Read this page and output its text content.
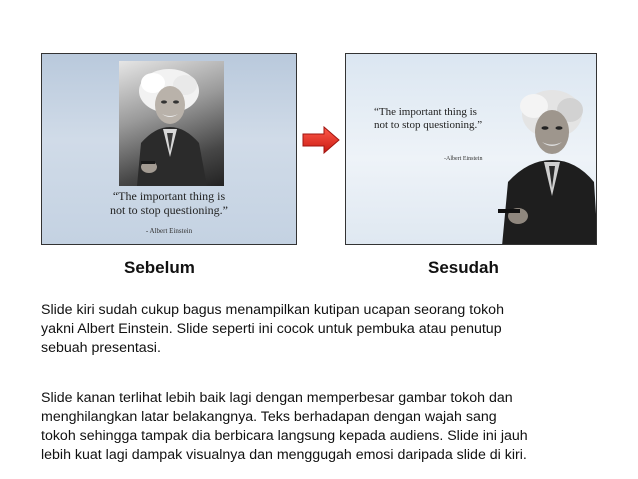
“The important thing is
not to stop questioning.”
- Albert Einstein
“The important thing is
not to stop questioning.”
-Albert Einstein
Sebelum	Sesudah

Slide kiri sudah cukup bagus menampilkan kutipan ucapan seorang tokoh
yakni Albert Einstein. Slide seperti ini cocok untuk pembuka atau penutup
sebuah presentasi.

Slide kanan terlihat lebih baik lagi dengan memperbesar gambar tokoh dan
menghilangkan latar belakangnya. Teks berhadapan dengan wajah sang
tokoh sehingga tampak dia berbicara langsung kepada audiens. Slide ini jauh
lebih kuat lagi dampak visualnya dan menggugah emosi daripada slide di kiri.
